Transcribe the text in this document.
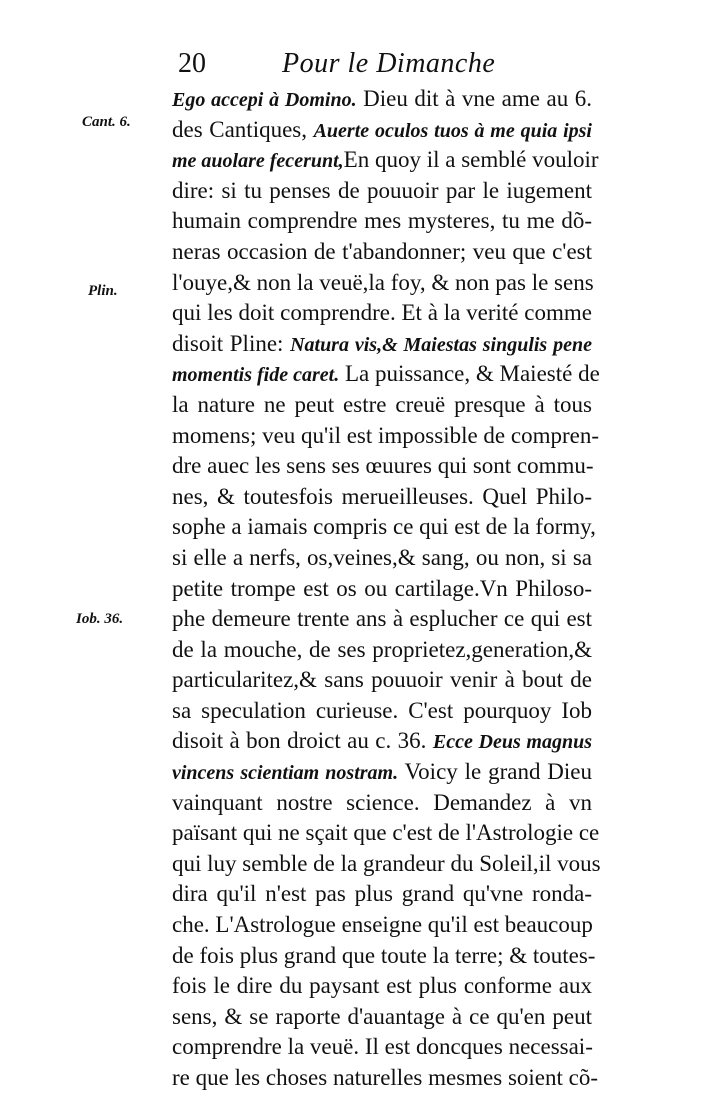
20	Pour le Dimanche
Cant. 6.
Plin.
Iob. 36.
Ego accepi à Domino. Dieu dit à vne ame au 6.
des Cantiques, Auerte oculos tuos à me quia ipsi
me auolare fecerunt,En quoy il a semblé vouloir
dire: si tu penses de pouuoir par le iugement
humain comprendre mes mysteres, tu me dõ-
neras occasion de t'abandonner; veu que c'est
l'ouye,& non la veuë,la foy, & non pas le sens
qui les doit comprendre. Et à la verité comme
disoit Pline: Natura vis,& Maiestas singulis pene
momentis fide caret. La puissance, & Maiesté de
la nature ne peut estre creuë presque à tous
momens; veu qu'il est impossible de compren-
dre auec les sens ses œuures qui sont commu-
nes, & toutesfois merueilleuses. Quel Philo-
sophe a iamais compris ce qui est de la formy,
si elle a nerfs, os,veines,& sang, ou non, si sa
petite trompe est os ou cartilage.Vn Philoso-
phe demeure trente ans à esplucher ce qui est
de la mouche, de ses proprietez,generation,&
particularitez,& sans pouuoir venir à bout de
sa speculation curieuse. C'est pourquoy Iob
disoit à bon droict au c. 36. Ecce Deus magnus
vincens scientiam nostram. Voicy le grand Dieu
vainquant nostre science. Demandez à vn
païsant qui ne sçait que c'est de l'Astrologie ce
qui luy semble de la grandeur du Soleil,il vous
dira qu'il n'est pas plus grand qu'vne ronda-
che. L'Astrologue enseigne qu'il est beaucoup
de fois plus grand que toute la terre; & toutes-
fois le dire du paysant est plus conforme aux
sens, & se raporte d'auantage à ce qu'en peut
comprendre la veuë. Il est doncques necessai-
re que les choses naturelles mesmes soient cõ-
